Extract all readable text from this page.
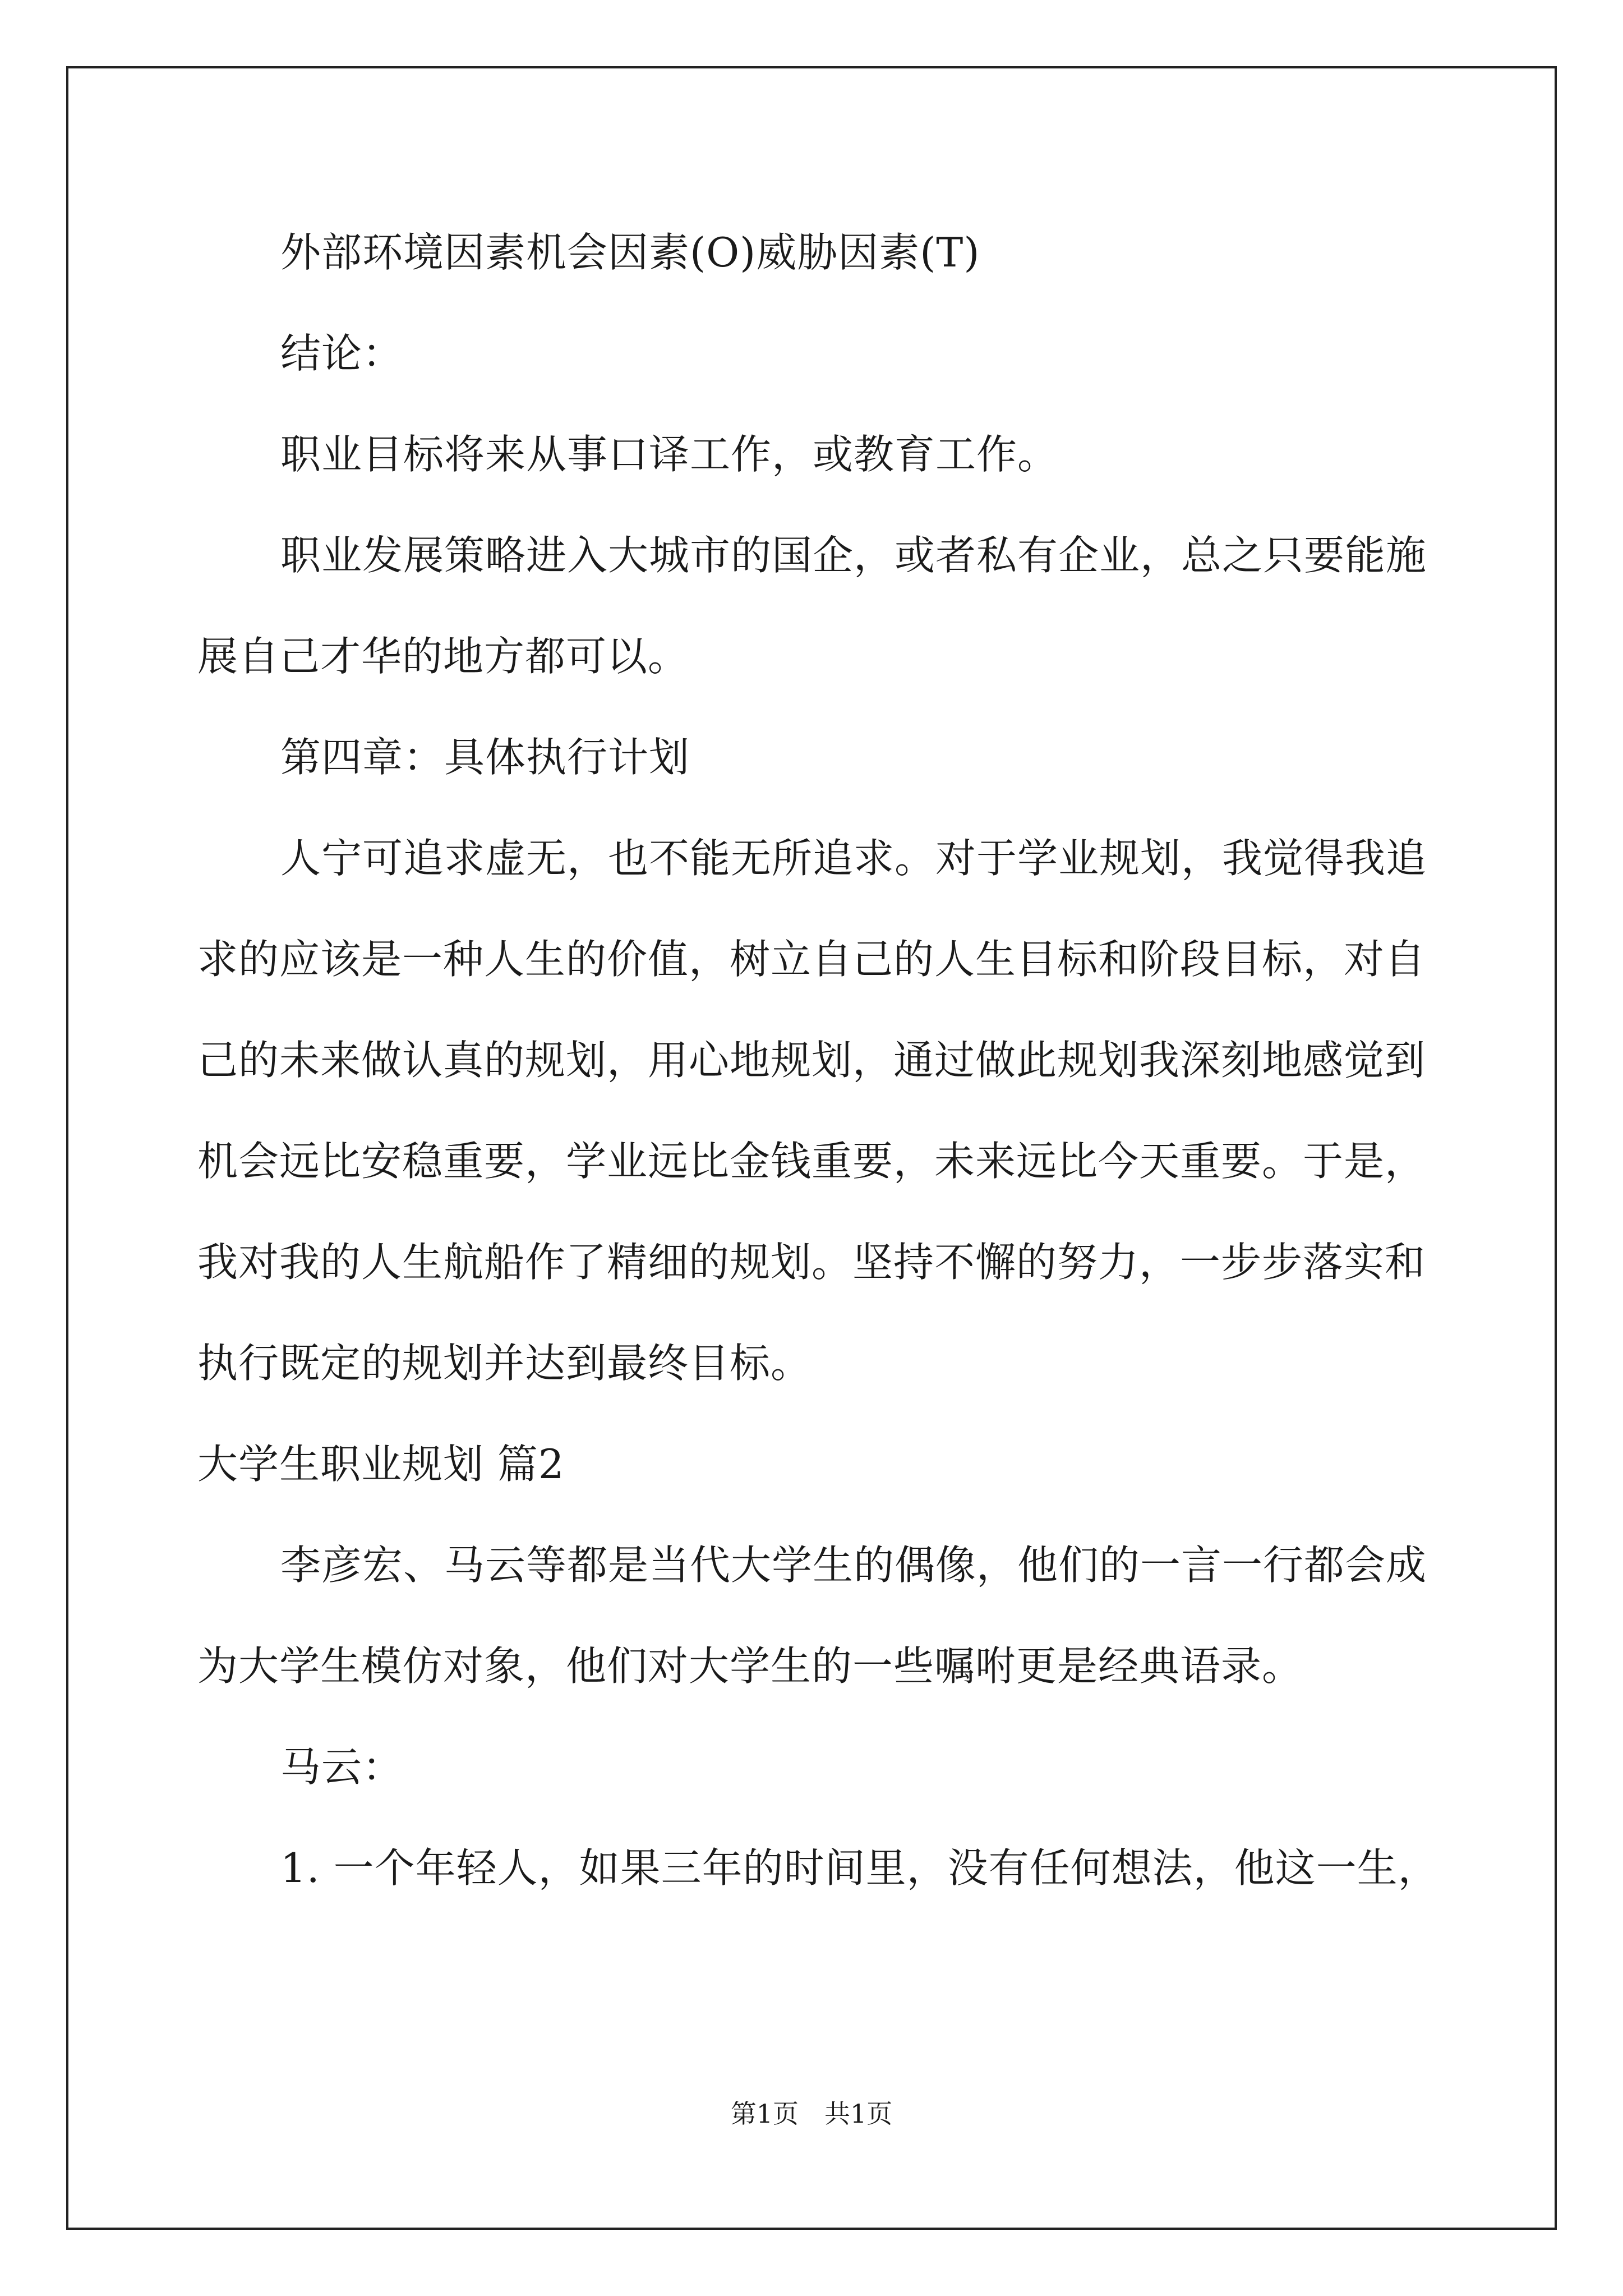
外部环境因素机会因素(O)威胁因素(T)
结论：
职业目标将来从事口译工作，或教育工作。
职业发展策略进入大城市的国企，或者私有企业，总之只要能施
展自己才华的地方都可以。
第四章：具体执行计划
人宁可追求虚无，也不能无所追求。对于学业规划，我觉得我追
求的应该是一种人生的价值，树立自己的人生目标和阶段目标，对自
己的未来做认真的规划，用心地规划，通过做此规划我深刻地感觉到
机会远比安稳重要，学业远比金钱重要，未来远比今天重要。于是，
我对我的人生航船作了精细的规划。坚持不懈的努力，一步步落实和
执行既定的规划并达到最终目标。
大学生职业规划 篇2
李彦宏、马云等都是当代大学生的偶像，他们的一言一行都会成
为大学生模仿对象，他们对大学生的一些嘱咐更是经典语录。
马云：
1. 一个年轻人，如果三年的时间里，没有任何想法，他这一生，
第1页　共1页
